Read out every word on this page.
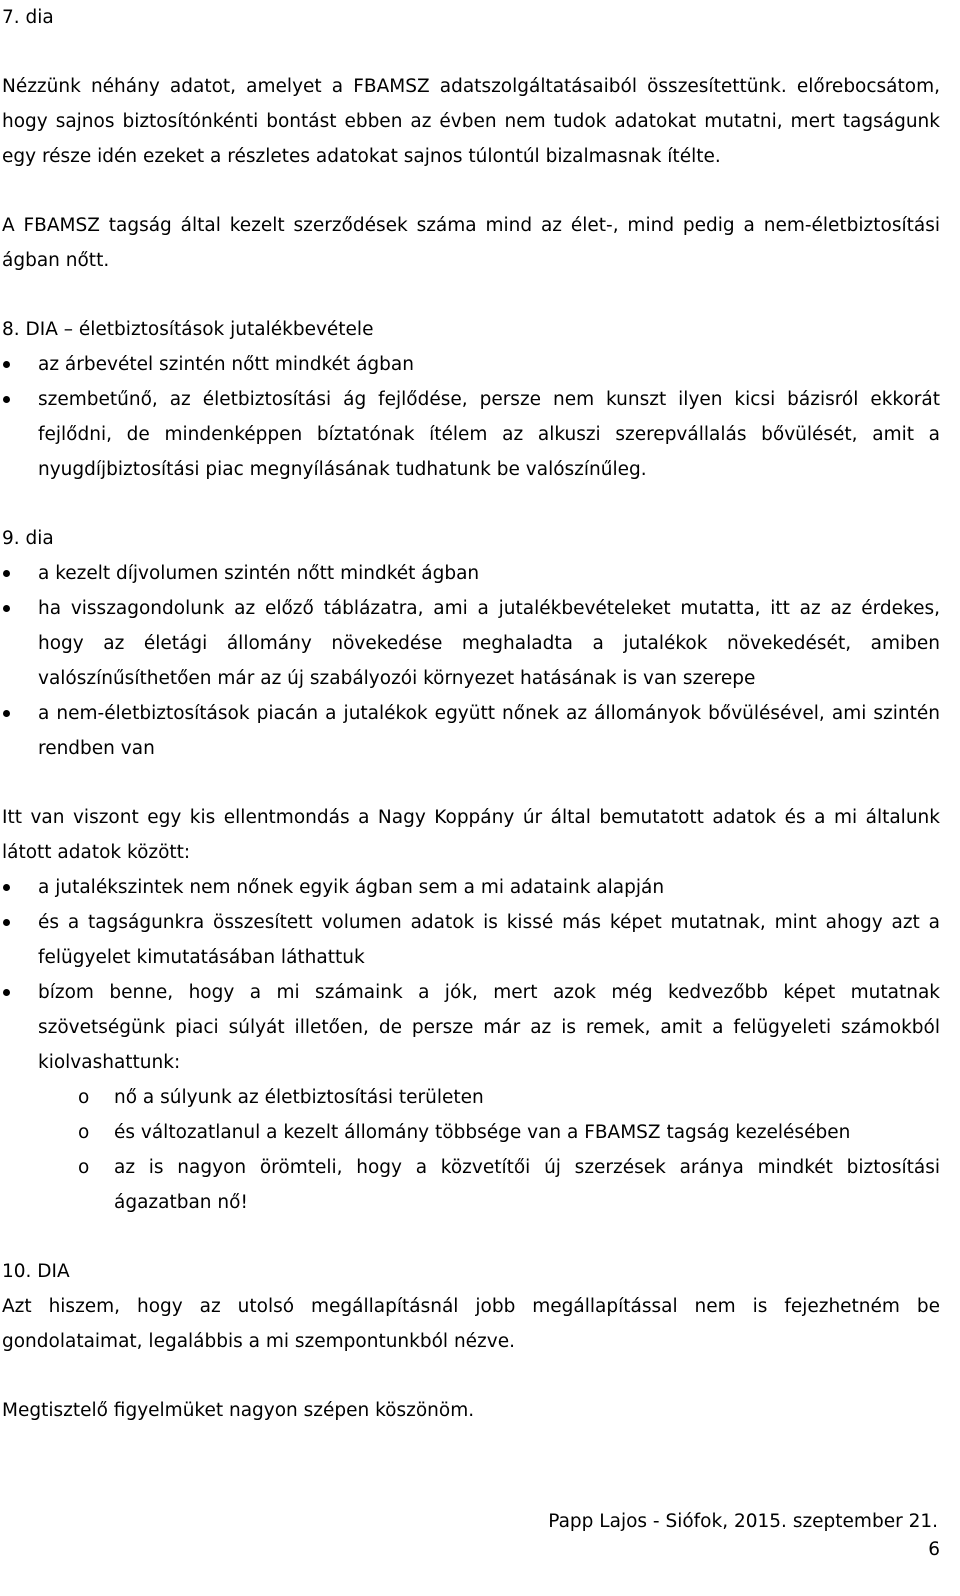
7. dia

Nézzünk néhány adatot, amelyet a FBAMSZ adatszolgáltatásaiból összesítettünk. előrebocsátom, hogy sajnos biztosítónkénti bontást ebben az évben nem tudok adatokat mutatni, mert tagságunk egy része idén ezeket a részletes adatokat sajnos túlontúl bizalmasnak ítélte.

A FBAMSZ tagság által kezelt szerződések száma mind az élet-, mind pedig a nem-életbiztosítási ágban nőtt.

8. DIA – életbiztosítások jutalékbevétele

az árbevétel szintén nőtt mindkét ágban

szembetűnő, az életbiztosítási ág fejlődése, persze nem kunszt ilyen kicsi bázisról ekkorát fejlődni, de mindenképpen bíztatónak ítélem az alkuszi szerepvállalás bővülését, amit a nyugdíjbiztosítási piac megnyílásának tudhatunk be valószínűleg.

9. dia

a kezelt díjvolumen szintén nőtt mindkét ágban

ha visszagondolunk az előző táblázatra, ami a jutalékbevételeket mutatta, itt az az érdekes, hogy az életági állomány növekedése meghaladta a jutalékok növekedését, amiben valószínűsíthetően már az új szabályozói környezet hatásának is van szerepe

a nem-életbiztosítások piacán a jutalékok együtt nőnek az állományok bővülésével, ami szintén rendben van

Itt van viszont egy kis ellentmondás a Nagy Koppány úr által bemutatott adatok és a mi általunk látott adatok között:

a jutalékszintek nem nőnek egyik ágban sem a mi adataink alapján

és a tagságunkra összesített volumen adatok is kissé más képet mutatnak, mint ahogy azt a felügyelet kimutatásában láthattuk

bízom benne, hogy a mi számaink a jók, mert azok még kedvezőbb képet mutatnak szövetségünk piaci súlyát illetően, de persze már az is remek, amit a felügyeleti számokból kiolvashattunk:

o nő a súlyunk az életbiztosítási területen

o és változatlanul a kezelt állomány többsége van a FBAMSZ tagság kezelésében

o az is nagyon örömteli, hogy a közvetítői új szerzések aránya mindkét biztosítási ágazatban nő!

10. DIA

Azt hiszem, hogy az utolsó megállapításnál jobb megállapítással nem is fejezhetném be gondolataimat, legalábbis a mi szempontunkból nézve.

Megtisztelő figyelmüket nagyon szépen köszönöm.

Papp Lajos - Siófok, 2015. szeptember 21.
6
